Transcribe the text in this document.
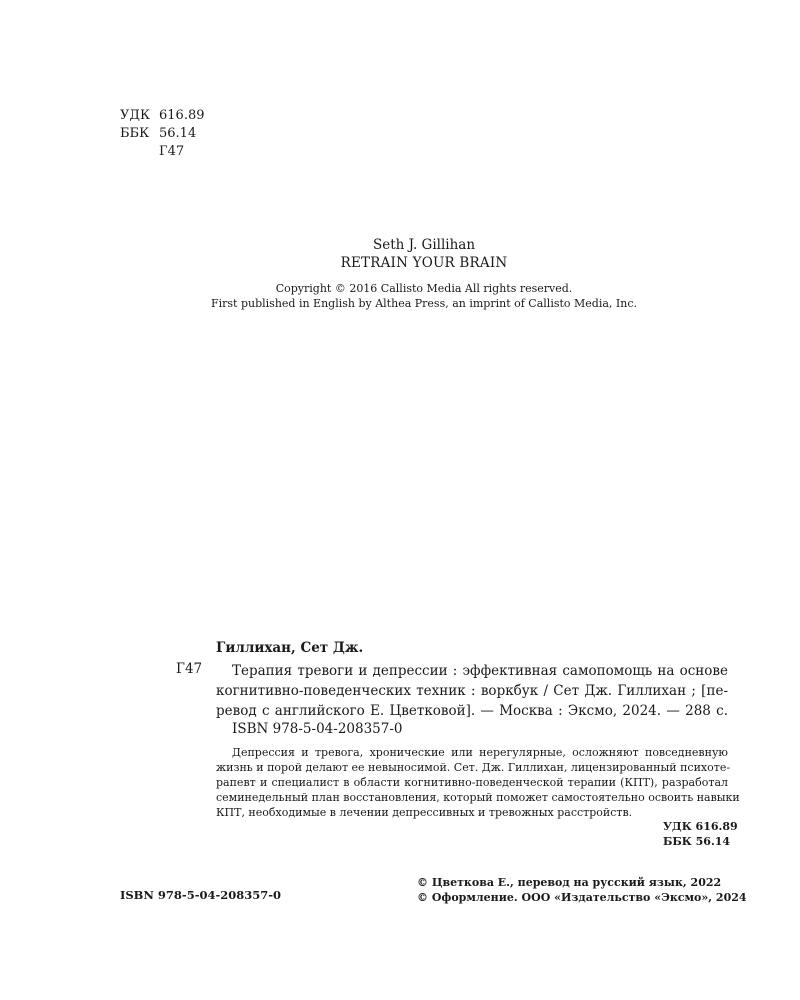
УДК 616.89
ББК 56.14
Г47
Seth J. Gillihan
RETRAIN YOUR BRAIN
Copyright © 2016 Callisto Media All rights reserved.
First published in English by Althea Press, an imprint of Callisto Media, Inc.
Гиллихан, Сет Дж.
Г47	Терапия тревоги и депрессии : эффективная самопомощь на основе
когнитивно-поведенческих техник : воркбук / Сет Дж. Гиллихан ; [пе-
ревод с английского Е. Цветковой]. — Москва : Эксмо, 2024. — 288 с.
ISBN 978-5-04-208357-0
Депрессия и тревога, хронические или нерегулярные, осложняют повседневную
жизнь и порой делают ее невыносимой. Сет. Дж. Гиллихан, лицензированный психоте-
рапевт и специалист в области когнитивно-поведенческой терапии (КПТ), разработал
семинедельный план восстановления, который поможет самостоятельно освоить навыки
КПТ, необходимые в лечении депрессивных и тревожных расстройств.
УДК 616.89
ББК 56.14
ISBN 978-5-04-208357-0
© Цветкова Е., перевод на русский язык, 2022
© Оформление. ООО «Издательство «Эксмо», 2024
